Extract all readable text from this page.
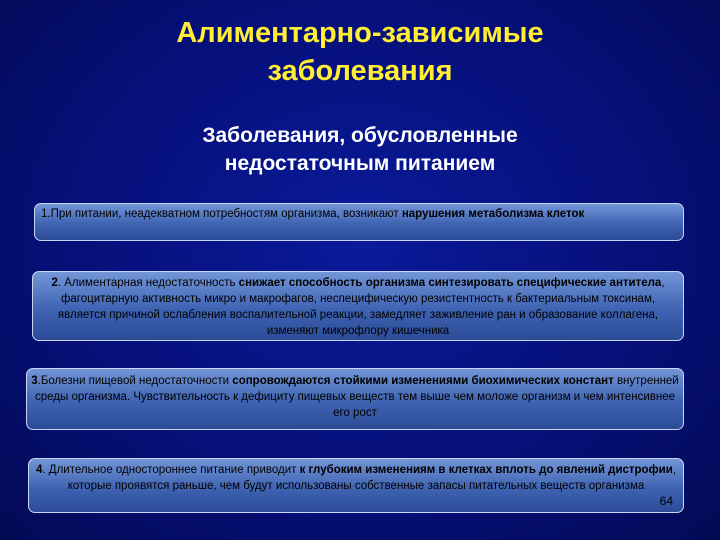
Алиментарно-зависимые
заболевания
Заболевания, обусловленные
недостаточным питанием
1.При питании, неадекватном потребностям организма, возникают нарушения метаболизма клеток
2. Алиментарная недостаточность снижает способность организма синтезировать специфические антитела, фагоцитарную активность микро и макрофагов, неспецифическую резистентность к бактериальным токсинам, является причиной ослабления воспалительной реакции, замедляет заживление ран и образование коллагена, изменяют микрофлору кишечника
3.Болезни пищевой недостаточности сопровождаются стойкими изменениями биохимических констант внутренней среды организма. Чувствительность к дефициту пищевых веществ тем выше чем моложе организм и чем интенсивнее его рост
4. Длительное одностороннее питание приводит к глубоким изменениям в клетках вплоть до явлений дистрофии, которые проявятся раньше, чем будут использованы собственные запасы питательных веществ организма
64
